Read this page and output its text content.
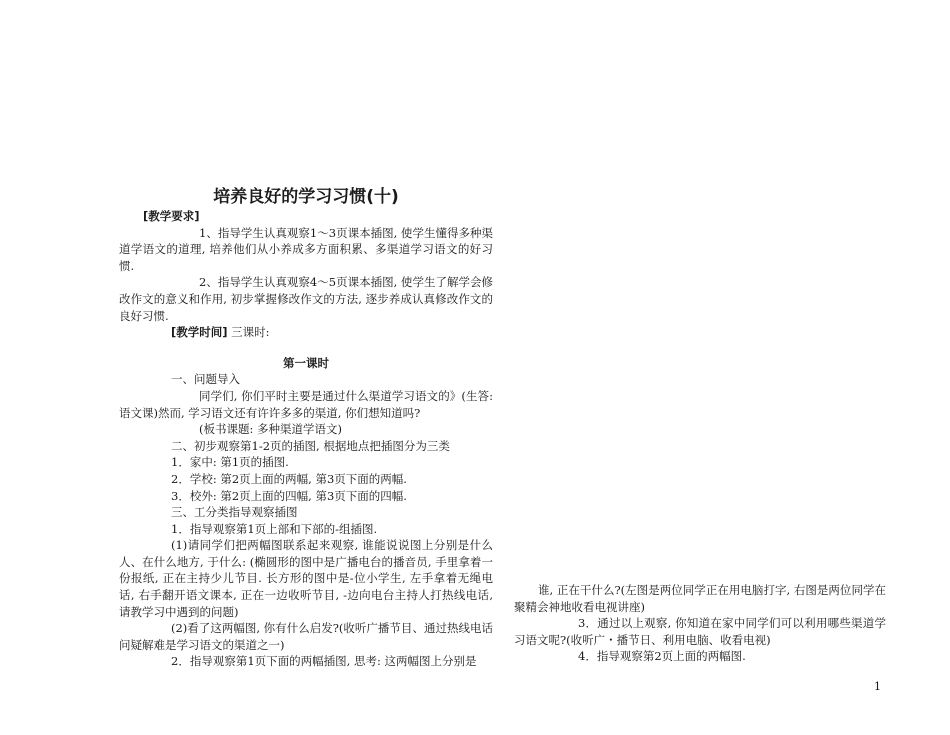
培养良好的学习习惯(十)

[教学要求]

1、指导学生认真观察1～3页课本插图, 使学生懂得多种渠道学语文的道理, 培养他们从小养成多方面积累、多渠道学习语文的好习惯.

2、指导学生认真观察4～5页课本插图, 使学生了解学会修改作文的意义和作用, 初步掌握修改作文的方法, 逐步养成认真修改作文的良好习惯.

[教学时间] 三课时:

第一课时

一、问题导入

同学们, 你们平时主要是通过什么渠道学习语文的》(生答: 语文课)然而, 学习语文还有许许多多的渠道, 你们想知道吗?

(板书课题: 多种渠道学语文)

二、初步观察第1-2页的插图, 根据地点把插图分为三类

1．家中: 第1页的插图.

2．学校: 第2页上面的两幅, 第3页下面的两幅.

3．校外: 第2页上面的四幅, 第3页下面的四幅.

三、工分类指导观察插图

1．指导观察第1页上部和下部的-组插图.

(1)请同学们把两幅图联系起来观察, 谁能说说图上分别是什么人、在什么地方, 于什么: (椭圆形的图中是广播电台的播音员, 手里拿着一份报纸, 正在主持少儿节目. 长方形的图中是-位小学生, 左手拿着无绳电话, 右手翻开语文课本, 正在一边收听节目, -边向电台主持人打热线电话, 请教学习中遇到的问题)

(2)看了这两幅图, 你有什么启发?(收听广播节目、通过热线电话问疑解难是学习语文的渠道之一)

2．指导观察第1页下面的两幅插图, 思考: 这两幅图上分别是

谁, 正在干什么?(左图是两位同学正在用电脑打字, 右图是两位同学在聚精会神地收看电视讲座)

3．通过以上观察, 你知道在家中同学们可以利用哪些渠道学习语文呢?(收听广・播节日、利用电脑、收看电视)

4．指导观察第2页上面的两幅图.

1
